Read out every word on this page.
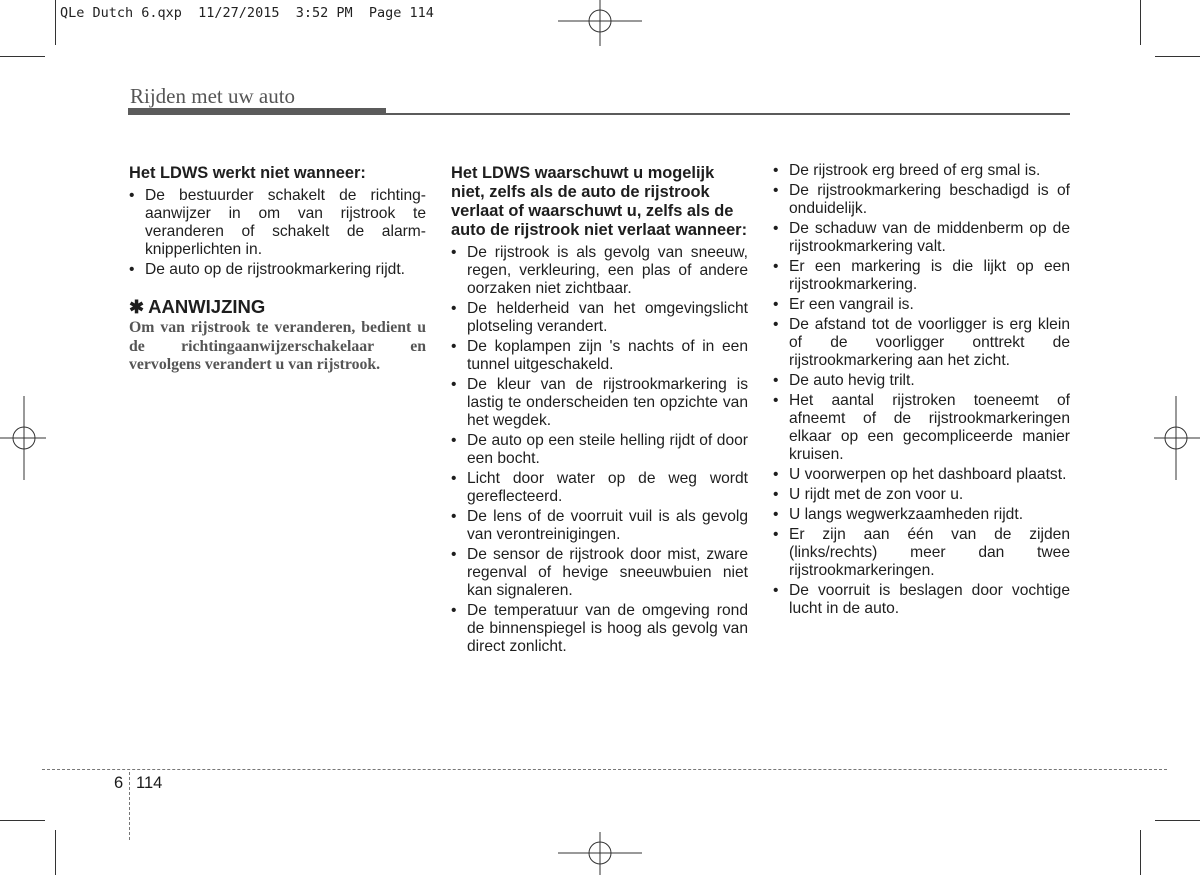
QLe Dutch 6.qxp  11/27/2015  3:52 PM  Page 114
Rijden met uw auto
Het LDWS werkt niet wanneer:
• De bestuurder schakelt de richting-aanwijzer in om van rijstrook te veranderen of schakelt de alarm-knipperlichten in.
• De auto op de rijstrookmarkering rijdt.
✱ AANWIJZING
Om van rijstrook te veranderen, bedient u de richtingaanwijzerschakelaar en vervolgens verandert u van rijstrook.
Het LDWS waarschuwt u mogelijk niet, zelfs als de auto de rijstrook verlaat of waarschuwt u, zelfs als de auto de rijstrook niet verlaat wanneer:
• De rijstrook is als gevolg van sneeuw, regen, verkleuring, een plas of andere oorzaken niet zichtbaar.
• De helderheid van het omgevingslicht plotseling verandert.
• De koplampen zijn 's nachts of in een tunnel uitgeschakeld.
• De kleur van de rijstrookmarkering is lastig te onderscheiden ten opzichte van het wegdek.
• De auto op een steile helling rijdt of door een bocht.
• Licht door water op de weg wordt gereflecteerd.
• De lens of de voorruit vuil is als gevolg van verontreinigingen.
• De sensor de rijstrook door mist, zware regenval of hevige sneeuwbuien niet kan signaleren.
• De temperatuur van de omgeving rond de binnenspiegel is hoog als gevolg van direct zonlicht.
• De rijstrook erg breed of erg smal is.
• De rijstrookmarkering beschadigd is of onduidelijk.
• De schaduw van de middenberm op de rijstrookmarkering valt.
• Er een markering is die lijkt op een rijstrookmarkering.
• Er een vangrail is.
• De afstand tot de voorligger is erg klein of de voorligger onttrekt de rijstrookmarkering aan het zicht.
• De auto hevig trilt.
• Het aantal rijstroken toeneemt of afneemt of de rijstrookmarkeringen elkaar op een gecompliceerde manier kruisen.
• U voorwerpen op het dashboard plaatst.
• U rijdt met de zon voor u.
• U langs wegwerkzaamheden rijdt.
• Er zijn aan één van de zijden (links/rechts) meer dan twee rijstrookmarkeringen.
• De voorruit is beslagen door vochtige lucht in de auto.
6 114
